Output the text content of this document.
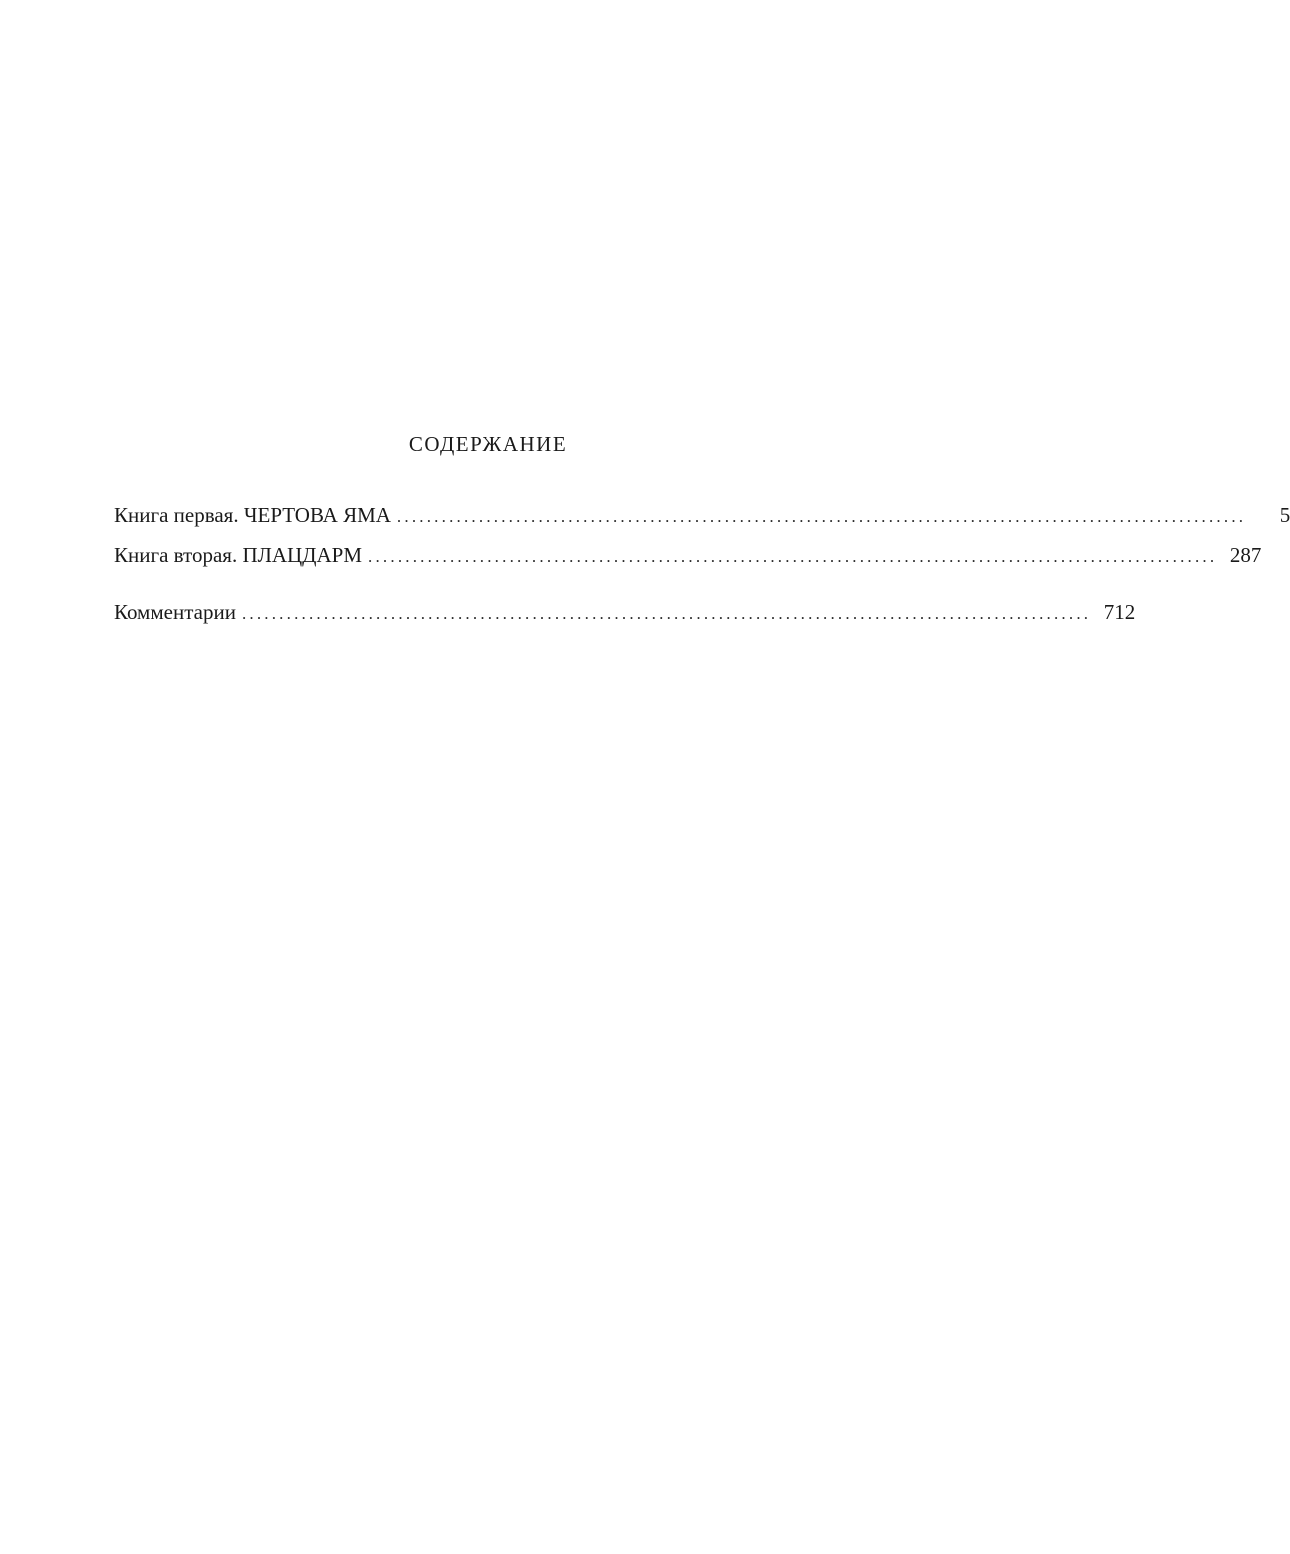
СОДЕРЖАНИЕ
Книга первая. ЧЕРТОВА ЯМА ..................................................................................................................	5
Книга вторая. ПЛАЦДАРМ .................................................................................................................. 287
Комментарии .................................................................................................................. 712
